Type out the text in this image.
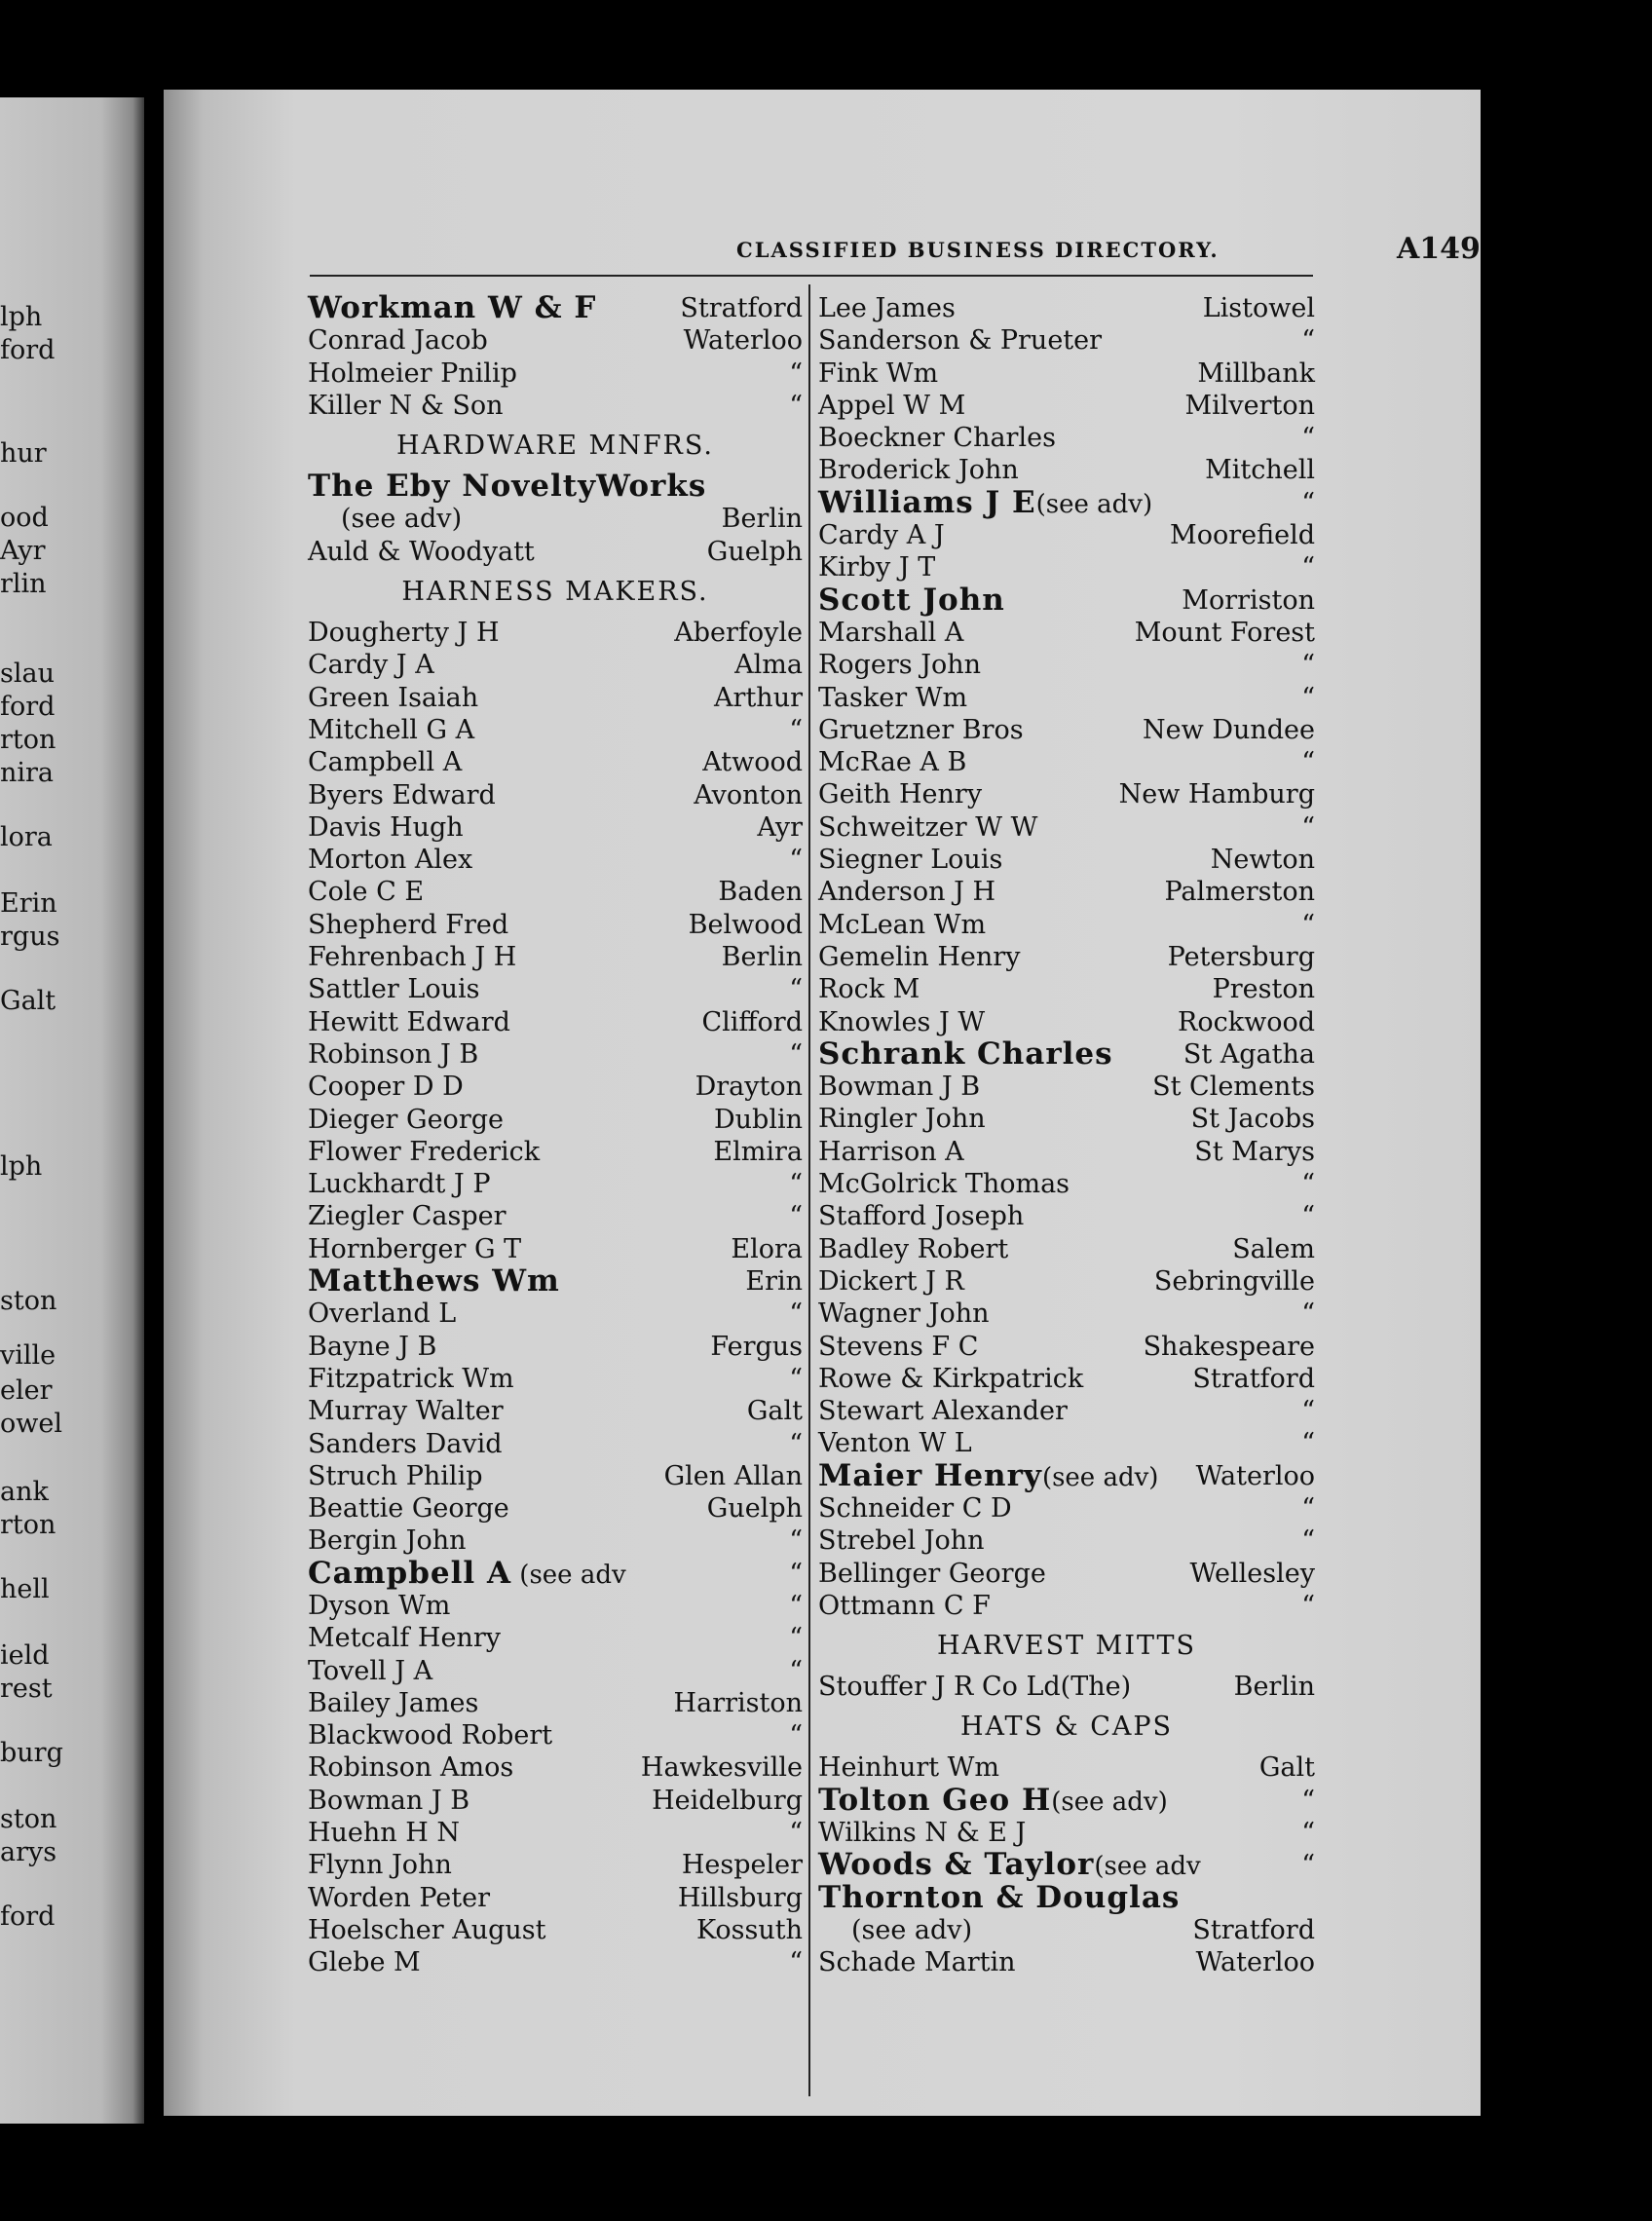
lph
ford
hur
ood
Ayr
rlin
slau
ford
rton
nira
lora
Erin
rgus
Galt
lph
ston
ville
eler
owel
ank
rton
hell
ield
rest
burg
ston
arys
ford
CLASSIFIED BUSINESS DIRECTORY.	A149
Workman W & F	Stratford
Conrad Jacob	Waterloo
Holmeier Pnilip	“
Killer N & Son	“
HARDWARE MNFRS.
The Eby NoveltyWorks
(see adv)	Berlin
Auld & Woodyatt	Guelph
HARNESS MAKERS.
Dougherty J H	Aberfoyle
Cardy J A	Alma
Green Isaiah	Arthur
Mitchell G A	“
Campbell A	Atwood
Byers Edward	Avonton
Davis Hugh	Ayr
Morton Alex	“
Cole C E	Baden
Shepherd Fred	Belwood
Fehrenbach J H	Berlin
Sattler Louis	“
Hewitt Edward	Clifford
Robinson J B	“
Cooper D D	Drayton
Dieger George	Dublin
Flower Frederick	Elmira
Luckhardt J P	“
Ziegler Casper	“
Hornberger G T	Elora
Matthews Wm	Erin
Overland L	“
Bayne J B	Fergus
Fitzpatrick Wm	“
Murray Walter	Galt
Sanders David	“
Struch Philip	Glen Allan
Beattie George	Guelph
Bergin John	“
Campbell A (see adv	“
Dyson Wm	“
Metcalf Henry	“
Tovell J A	“
Bailey James	Harriston
Blackwood Robert	“
Robinson Amos	Hawkesville
Bowman J B	Heidelburg
Huehn H N	“
Flynn John	Hespeler
Worden Peter	Hillsburg
Hoelscher August	Kossuth
Glebe M	“
Lee James	Listowel
Sanderson & Prueter	“
Fink Wm	Millbank
Appel W M	Milverton
Boeckner Charles	“
Broderick John	Mitchell
Williams J E(see adv)	“
Cardy A J	Moorefield
Kirby J T	“
Scott John	Morriston
Marshall A	Mount Forest
Rogers John	“
Tasker Wm	“
Gruetzner Bros	New Dundee
McRae A B	“
Geith Henry	New Hamburg
Schweitzer W W	“
Siegner Louis	Newton
Anderson J H	Palmerston
McLean Wm	“
Gemelin Henry	Petersburg
Rock M	Preston
Knowles J W	Rockwood
Schrank Charles	St Agatha
Bowman J B	St Clements
Ringler John	St Jacobs
Harrison A	St Marys
McGolrick Thomas	“
Stafford Joseph	“
Badley Robert	Salem
Dickert J R	Sebringville
Wagner John	“
Stevens F C	Shakespeare
Rowe & Kirkpatrick	Stratford
Stewart Alexander	“
Venton W L	“
Maier Henry(see adv) Waterloo
Schneider C D	“
Strebel John	“
Bellinger George	Wellesley
Ottmann C F	“
HARVEST MITTS
Stouffer J R Co Ld(The)	Berlin
HATS & CAPS
Heinhurt Wm	Galt
Tolton Geo H(see adv)	“
Wilkins N & E J	“
Woods & Taylor(see adv	“
Thornton & Douglas
(see adv)	Stratford
Schade Martin	Waterloo
